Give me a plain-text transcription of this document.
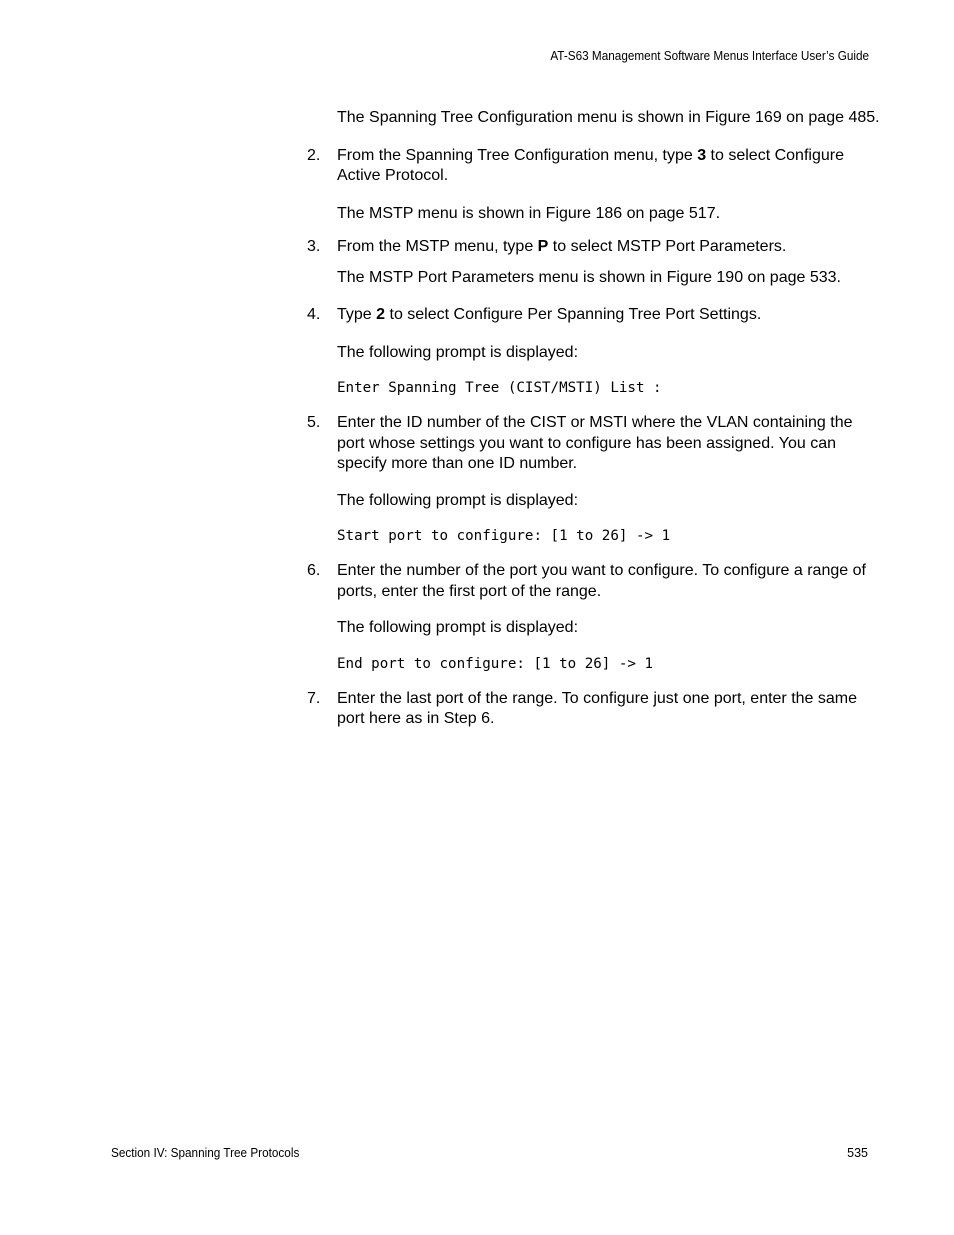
AT-S63 Management Software Menus Interface User’s Guide

The Spanning Tree Configuration menu is shown in Figure 169 on page 485.

2. From the Spanning Tree Configuration menu, type 3 to select Configure Active Protocol.

The MSTP menu is shown in Figure 186 on page 517.

3. From the MSTP menu, type P to select MSTP Port Parameters.

The MSTP Port Parameters menu is shown in Figure 190 on page 533.

4. Type 2 to select Configure Per Spanning Tree Port Settings.

The following prompt is displayed:

Enter Spanning Tree (CIST/MSTI) List :

5. Enter the ID number of the CIST or MSTI where the VLAN containing the port whose settings you want to configure has been assigned. You can specify more than one ID number.

The following prompt is displayed:

Start port to configure: [1 to 26] -> 1

6. Enter the number of the port you want to configure. To configure a range of ports, enter the first port of the range.

The following prompt is displayed:

End port to configure: [1 to 26] -> 1

7. Enter the last port of the range. To configure just one port, enter the same port here as in Step 6.
Section IV: Spanning Tree Protocols	535
